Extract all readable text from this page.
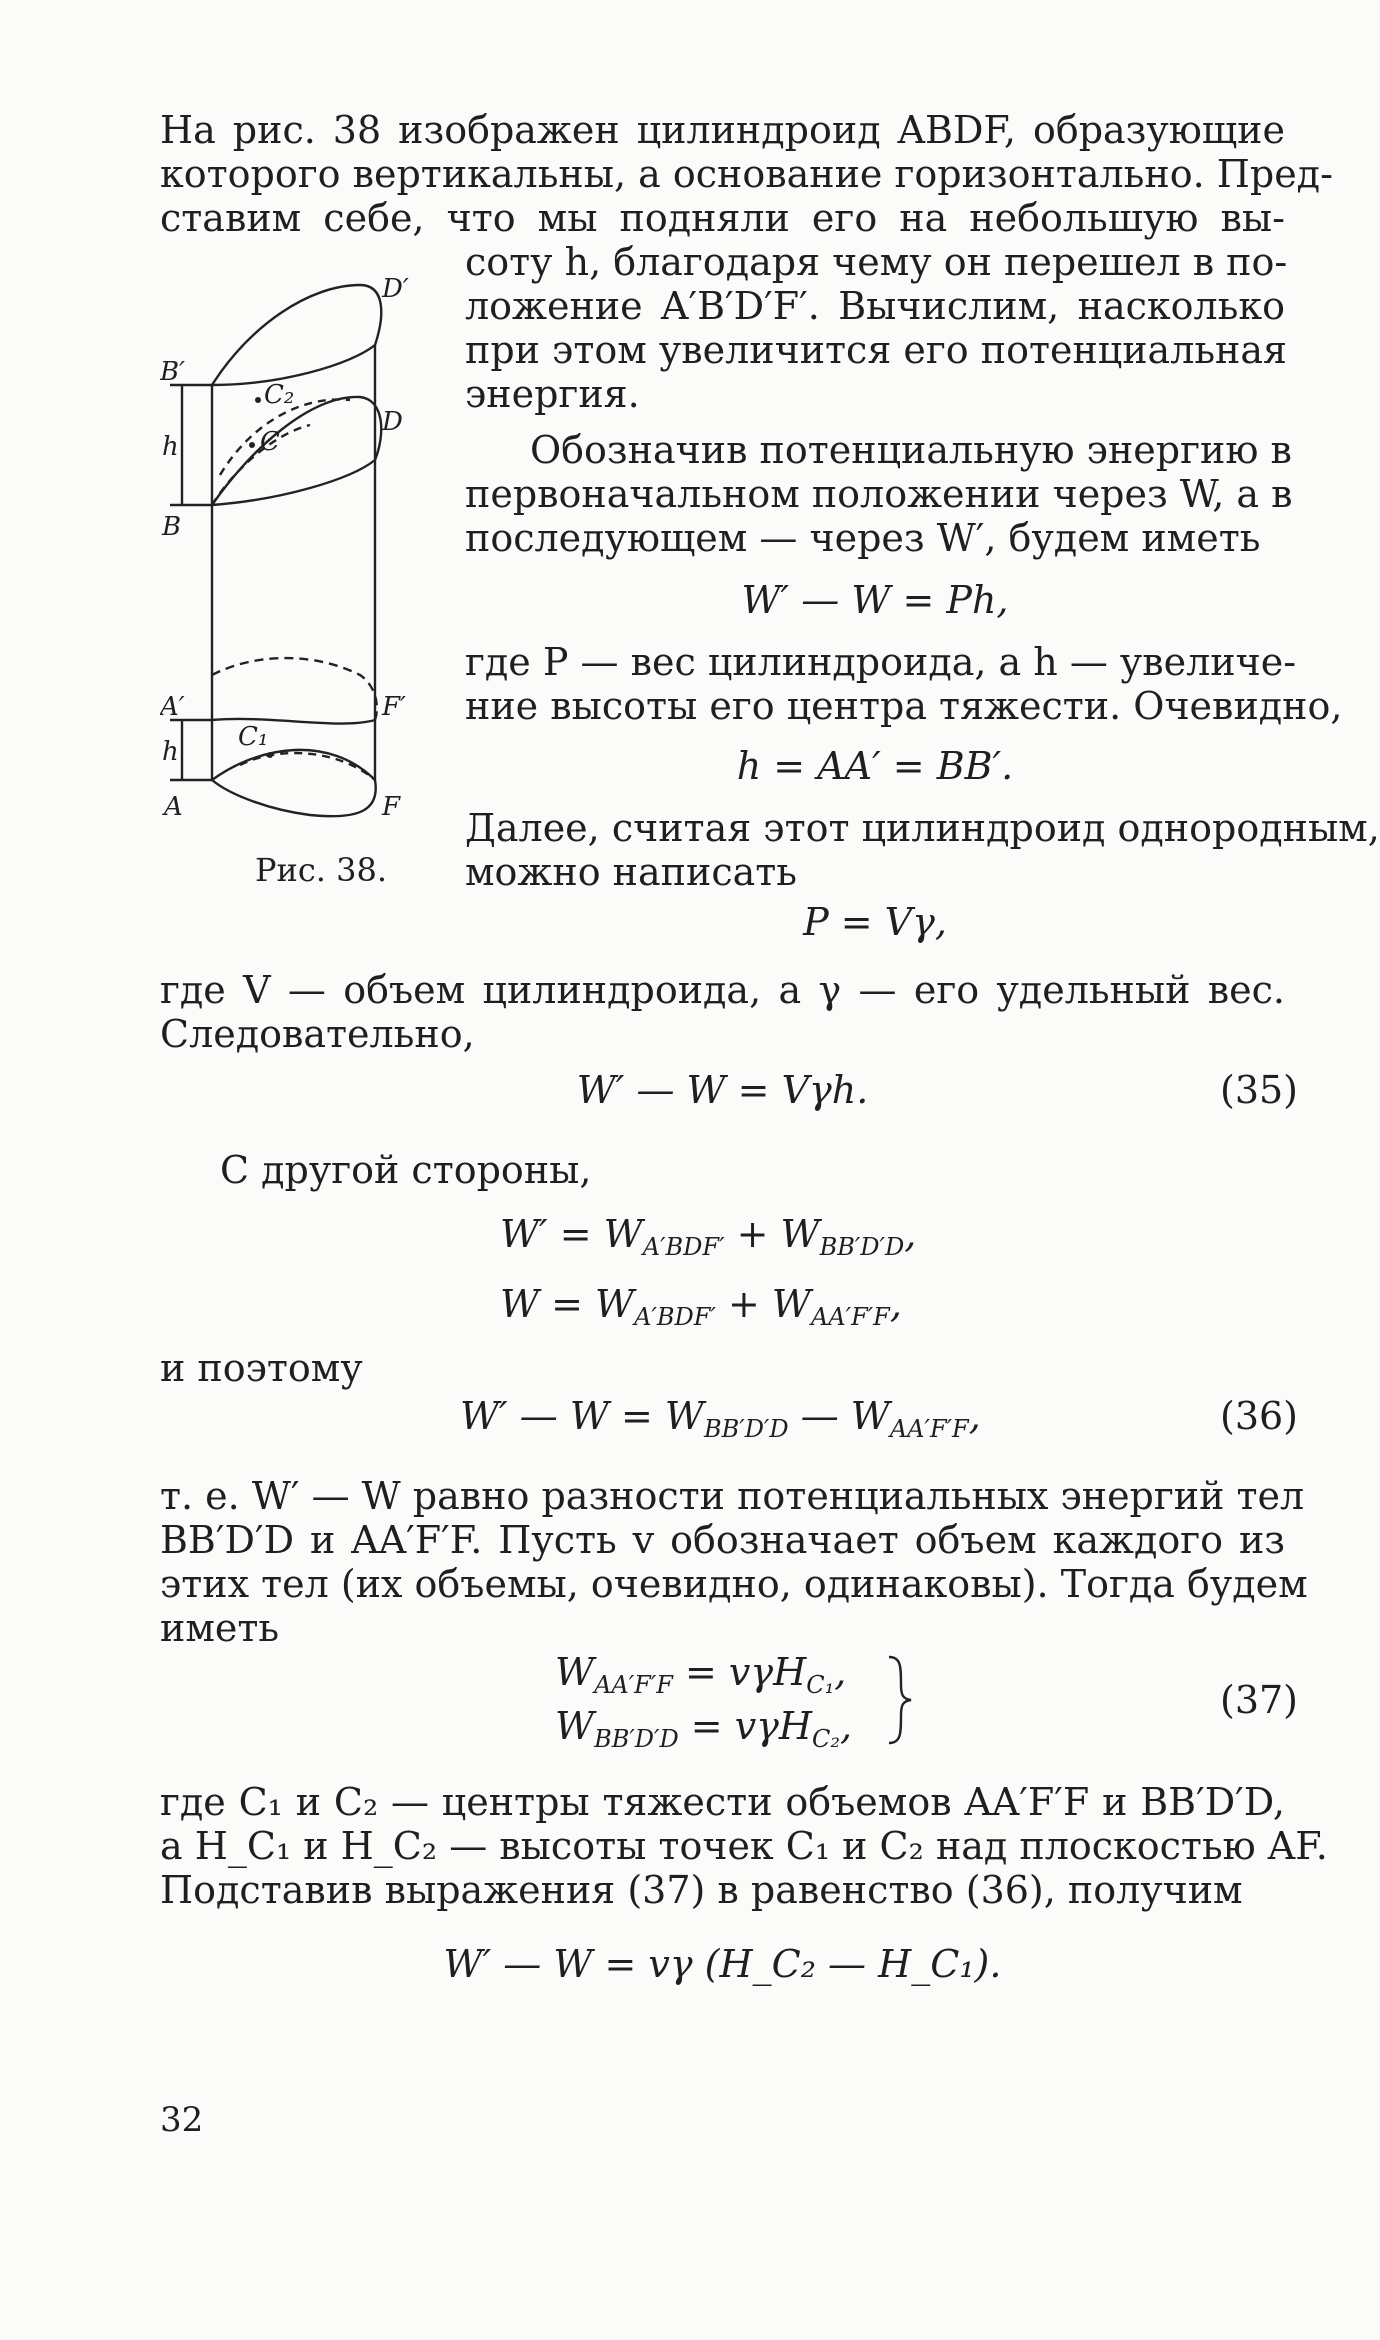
На рис. 38 изображен цилиндроид ABDF, образующие

которого вертикальны, а основание горизонтально. Пред-

ставим себе, что мы подняли его на небольшую вы-

соту h, благодаря чему он перешел в по-

ложение A′B′D′F′. Вычислим, насколько

при этом увеличится его потенциальная

энергия.

Обозначив потенциальную энергию в

первоначальном положении через W, а в

последующем — через W′, будем иметь

W′ — W = Ph,

где P — вес цилиндроида, а h — увеличе-

ние высоты его центра тяжести. Очевидно,

h = AA′ = BB′.

Далее, считая этот цилиндроид однородным,

можно написать

P = Vγ,

D′
B′
C₂
C
D
h
B
A′	F′
C₁
h
A	F
Рис. 38.

где V — объем цилиндроида, а γ — его удельный вес.

Следовательно,

W′ — W = Vγh.	(35)

С другой стороны,

$W' = W_{A'BDF'} + W_{BB'D'D}$,

$W = W_{A'BDF'} + W_{AA'F'F}$,

и поэтому

W′ — $W = W_{BB'D'D}$ — $W_{AA'F'F}$,	(36)

т. е. W′ — W равно разности потенциальных энергий тел

BB′D′D и AA′F′F. Пусть v обозначает объем каждого из

этих тел (их объемы, очевидно, одинаковы). Тогда будем

иметь

$W_{AA'F'F} = v\gamma H_{C_1}$,

$W_{BB'D'D} = v\gamma H_{C_2}$,

(37)

где C₁ и C₂ — центры тяжести объемов AA′F′F и BB′D′D,

а H_C₁ и H_C₂ — высоты точек C₁ и C₂ над плоскостью AF.

Подставив выражения (37) в равенство (36), получим

W′ — W = vγ (H_C₂ — H_C₁).

32
